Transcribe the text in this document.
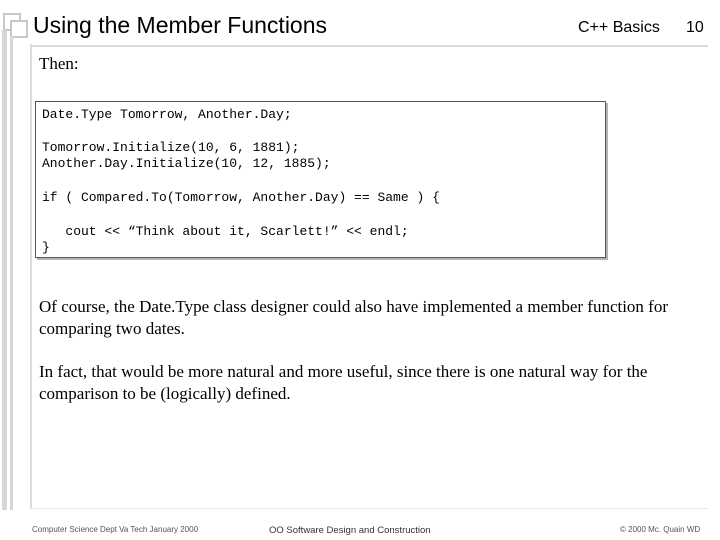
Using the Member Functions	C++ Basics 10
Then:
Date.Type Tomorrow, Another.Day;
Tomorrow.Initialize(10, 6, 1881);
Another.Day.Initialize(10, 12, 1885);
if ( Compared.To(Tomorrow, Another.Day) == Same ) {
cout << “Think about it, Scarlett!” << endl;
}

Of course, the Date.Type class designer could also have implemented a member function for comparing two dates.

In fact, that would be more natural and more useful, since there is one natural way for the comparison to be (logically) defined.

Computer Science Dept Va Tech January 2000	OO Software Design and Construction	© 2000 Mc. Quain WD
